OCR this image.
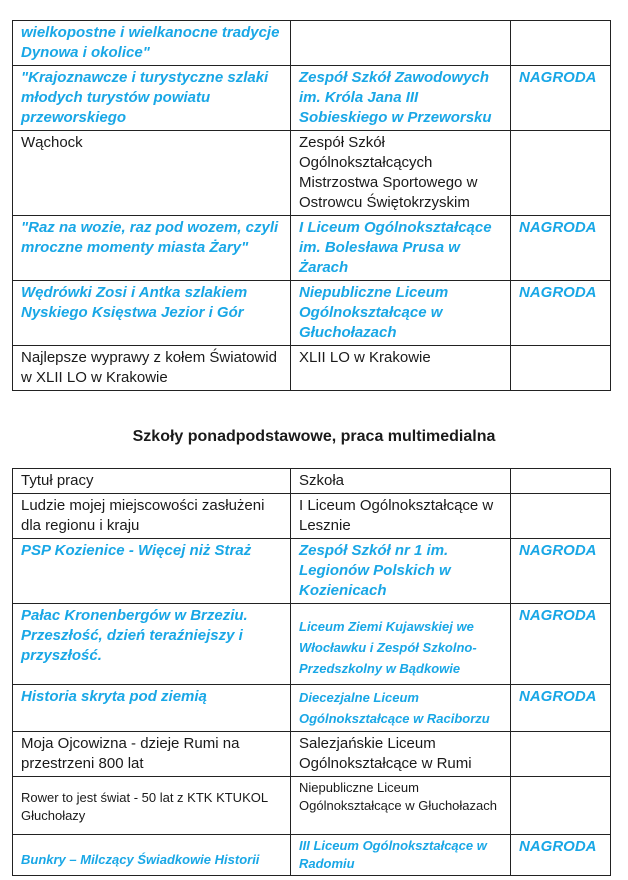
wielkopostne i wielkanocne tradycje Dynowa i okolice"		
"Krajoznawcze i turystyczne szlaki młodych turystów powiatu przeworskiego	Zespół Szkół Zawodowych im. Króla Jana III Sobieskiego w Przeworsku	NAGRODA
Wąchock	Zespół Szkół Ogólnokształcących Mistrzostwa Sportowego w Ostrowcu Świętokrzyskim	
"Raz na wozie, raz pod wozem, czyli mroczne momenty miasta Żary"	I Liceum Ogólnokształcące im. Bolesława Prusa w Żarach	NAGRODA
Wędrówki Zosi i Antka szlakiem Nyskiego Księstwa Jezior i Gór	Niepubliczne Liceum Ogólnokształcące w Głuchołazach	NAGRODA
Najlepsze wyprawy z kołem Światowid w XLII LO w Krakowie	XLII LO w Krakowie	
Szkoły ponadpodstawowe, praca multimedialna
Tytuł pracy	Szkoła	
Ludzie mojej miejscowości zasłużeni dla regionu i kraju	I Liceum Ogólnokształcące w Lesznie	
PSP Kozienice - Więcej niż Straż	Zespół Szkół nr 1 im. Legionów Polskich w Kozienicach	NAGRODA
Pałac Kronenbergów w Brzeziu. Przeszłość, dzień teraźniejszy i przyszłość.	Liceum Ziemi Kujawskiej we Włocławku i Zespół Szkolno-Przedszkolny w Bądkowie	NAGRODA
Historia skryta pod ziemią	Diecezjalne Liceum Ogólnokształcące w Raciborzu	NAGRODA
Moja Ojcowizna - dzieje Rumi na przestrzeni 800 lat	Salezjańskie Liceum Ogólnokształcące w Rumi	
Rower to jest świat - 50 lat z KTK KTUKOL Głuchołazy	Niepubliczne Liceum Ogólnokształcące w Głuchołazach	
Bunkry – Milczący Świadkowie Historii	III Liceum Ogólnokształcące w Radomiu	NAGRODA
